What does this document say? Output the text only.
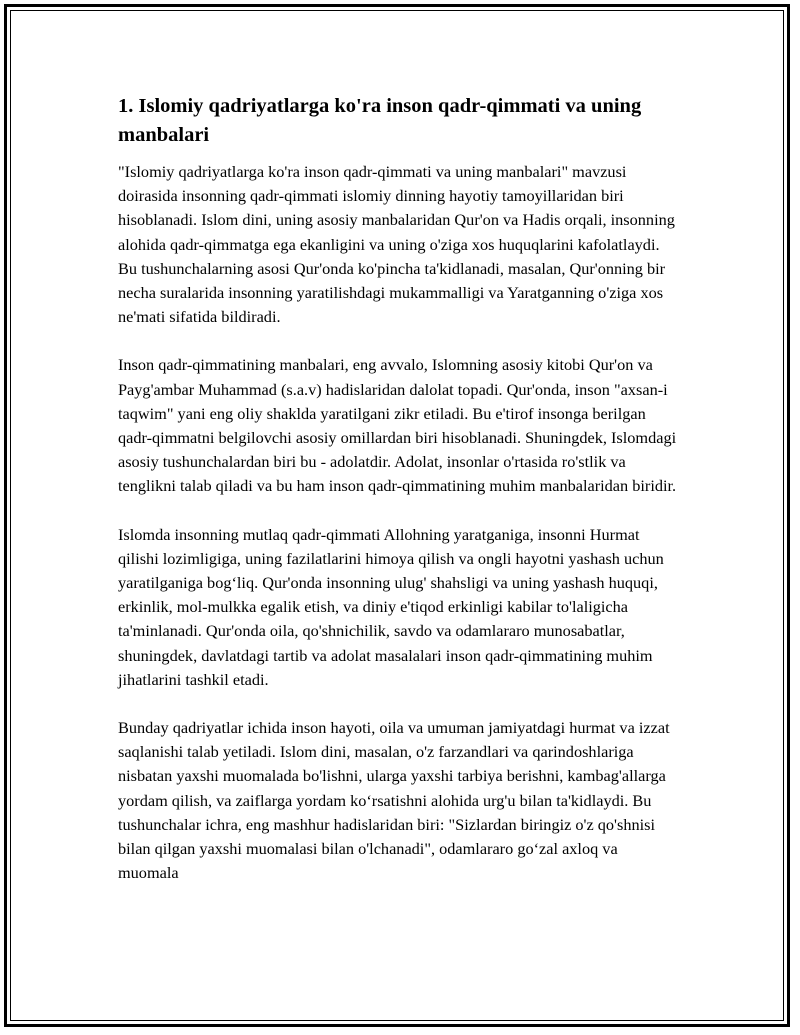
1. Islomiy qadriyatlarga ko'ra inson qadr-qimmati va uning manbalari

"Islomiy qadriyatlarga ko'ra inson qadr-qimmati va uning manbalari" mavzusi doirasida insonning qadr-qimmati islomiy dinning hayotiy tamoyillaridan biri hisoblanadi. Islom dini, uning asosiy manbalaridan Qur'on va Hadis orqali, insonning alohida qadr-qimmatga ega ekanligini va uning o'ziga xos huquqlarini kafolatlaydi. Bu tushunchalarning asosi Qur'onda ko'pincha ta'kidlanadi, masalan, Qur'onning bir necha suralarida insonning yaratilishdagi mukammalligi va Yaratganning o'ziga xos ne'mati sifatida bildiradi.

Inson qadr-qimmatining manbalari, eng avvalo, Islomning asosiy kitobi Qur'on va Payg'ambar Muhammad (s.a.v) hadislaridan dalolat topadi. Qur'onda, inson "axsan-i taqwim" yani eng oliy shaklda yaratilgani zikr etiladi. Bu e'tirof insonga berilgan qadr-qimmatni belgilovchi asosiy omillardan biri hisoblanadi. Shuningdek, Islomdagi asosiy tushunchalardan biri bu - adolatdir. Adolat, insonlar o'rtasida ro'stlik va tenglikni talab qiladi va bu ham inson qadr-qimmatining muhim manbalaridan biridir.

Islomda insonning mutlaq qadr-qimmati Allohning yaratganiga, insonni Hurmat qilishi lozimligiga, uning fazilatlarini himoya qilish va ongli hayotni yashash uchun yaratilganiga bog‘liq. Qur'onda insonning ulug' shahsligi va uning yashash huquqi, erkinlik, mol-mulkka egalik etish, va diniy e'tiqod erkinligi kabilar to'laligicha ta'minlanadi. Qur'onda oila, qo'shnichilik, savdo va odamlararo munosabatlar, shuningdek, davlatdagi tartib va adolat masalalari inson qadr-qimmatining muhim jihatlarini tashkil etadi.

Bunday qadriyatlar ichida inson hayoti, oila va umuman jamiyatdagi hurmat va izzat saqlanishi talab yetiladi. Islom dini, masalan, o'z farzandlari va qarindoshlariga nisbatan yaxshi muomalada bo'lishni, ularga yaxshi tarbiya berishni, kambag'allarga yordam qilish, va zaiflarga yordam ko‘rsatishni alohida urg'u bilan ta'kidlaydi. Bu tushunchalar ichra, eng mashhur hadislaridan biri: "Sizlardan biringiz o'z qo'shnisi bilan qilgan yaxshi muomalasi bilan o'lchanadi", odamlararo go‘zal axloq va muomala
